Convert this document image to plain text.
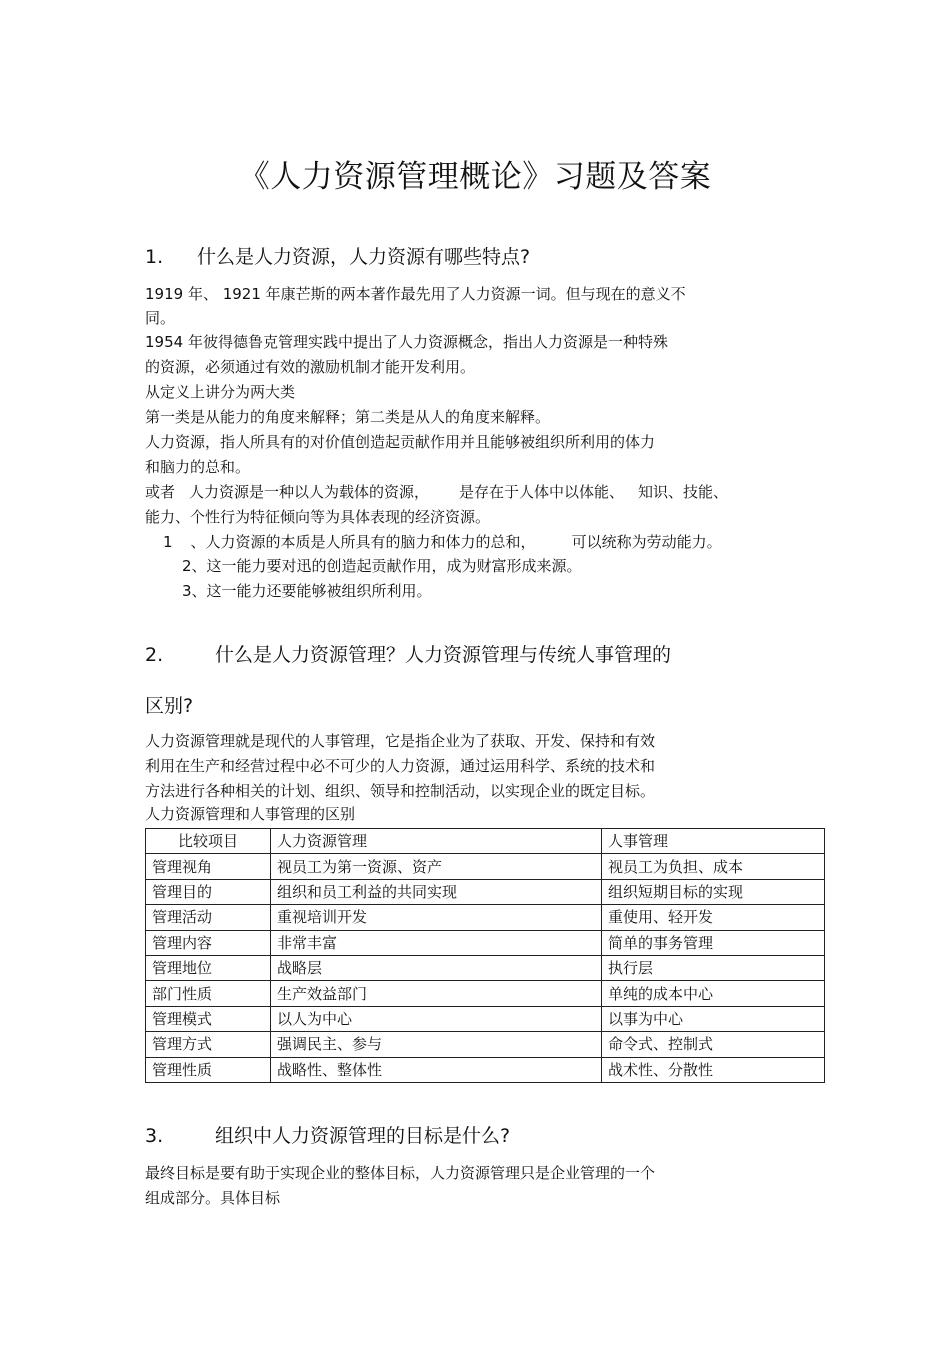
《人力资源管理概论》习题及答案
1. 什么是人力资源，人力资源有哪些特点?
1919 年、 1921 年康芒斯的两本著作最先用了人力资源一词。但与现在的意义不
同。
1954 年彼得德鲁克管理实践中提出了人力资源概念，指出人力资源是一种特殊
的资源，必须通过有效的激励机制才能开发利用。
从定义上讲分为两大类
第一类是从能力的角度来解释；第二类是从人的角度来解释。
人力资源，指人所具有的对价值创造起贡献作用并且能够被组织所利用的体力
和脑力的总和。
或者 人力资源是一种以人为载体的资源， 是存在于人体中以体能、 知识、技能、
能力、个性行为特征倾向等为具体表现的经济资源。
1 、人力资源的本质是人所具有的脑力和体力的总和， 可以统称为劳动能力。
2、这一能力要对迅的创造起贡献作用，成为财富形成来源。
3、这一能力还要能够被组织所利用。
2.	什么是人力资源管理？人力资源管理与传统人事管理的
区别?
人力资源管理就是现代的人事管理，它是指企业为了获取、开发、保持和有效
利用在生产和经营过程中必不可少的人力资源，通过运用科学、系统的技术和
方法进行各种相关的计划、组织、领导和控制活动，以实现企业的既定目标。
人力资源管理和人事管理的区别
比较项目	人力资源管理	人事管理
管理视角	视员工为第一资源、资产	视员工为负担、成本
管理目的	组织和员工利益的共同实现	组织短期目标的实现
管理活动	重视培训开发	重使用、轻开发
管理内容	非常丰富	简单的事务管理
管理地位	战略层	执行层
部门性质	生产效益部门	单纯的成本中心
管理模式	以人为中心	以事为中心
管理方式	强调民主、参与	命令式、控制式
管理性质	战略性、整体性	战术性、分散性
3.	组织中人力资源管理的目标是什么?
最终目标是要有助于实现企业的整体目标，人力资源管理只是企业管理的一个
组成部分。具体目标
